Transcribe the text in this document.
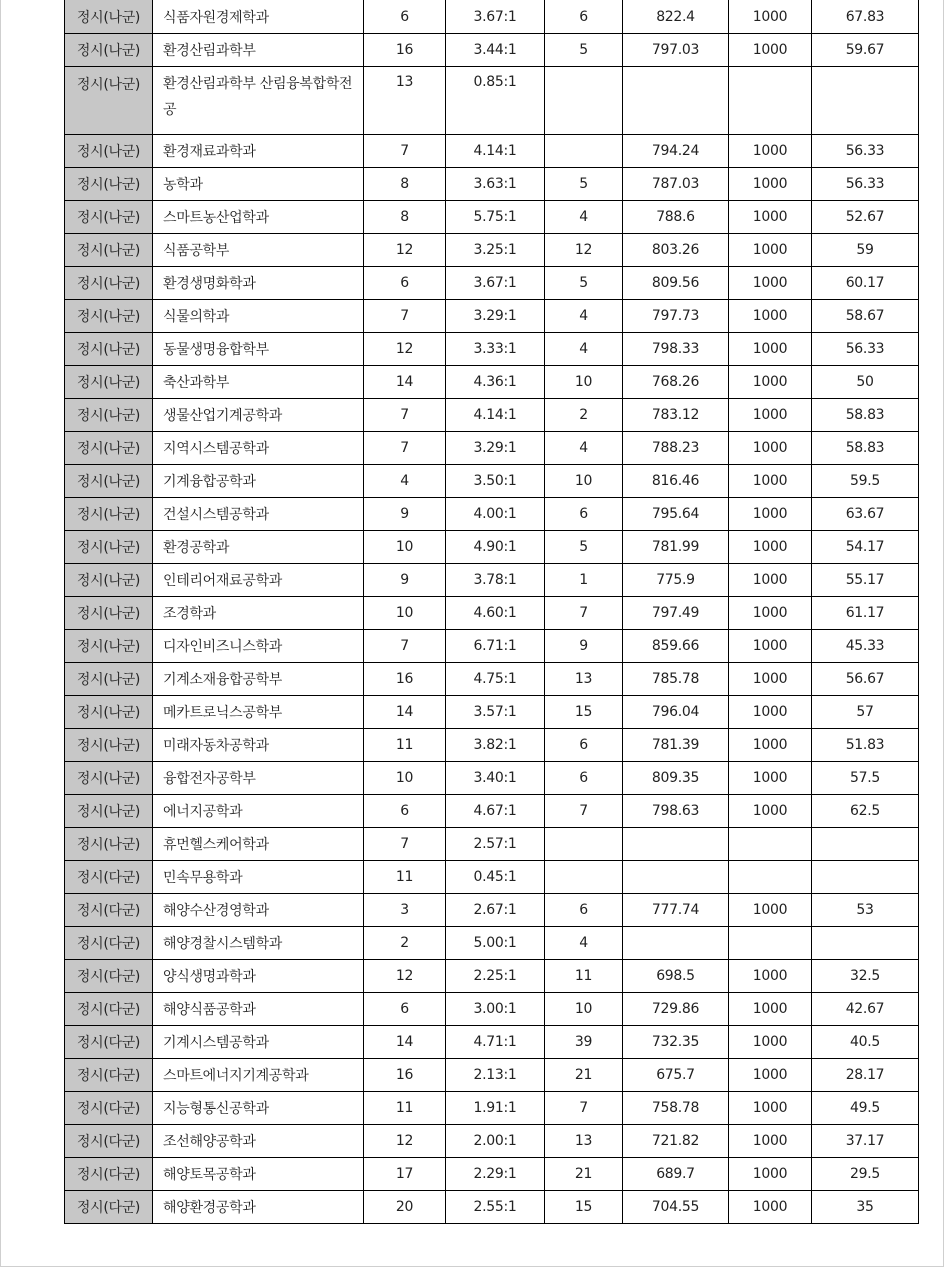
정시(나군)	식품자원경제학과	6	3.67:1	6	822.4	1000	67.83
정시(나군)	환경산림과학부	16	3.44:1	5	797.03	1000	59.67
정시(나군)	환경산림과학부 산림융복합학전공	13	0.85:1				
정시(나군)	환경재료과학과	7	4.14:1		794.24	1000	56.33
정시(나군)	농학과	8	3.63:1	5	787.03	1000	56.33
정시(나군)	스마트농산업학과	8	5.75:1	4	788.6	1000	52.67
정시(나군)	식품공학부	12	3.25:1	12	803.26	1000	59
정시(나군)	환경생명화학과	6	3.67:1	5	809.56	1000	60.17
정시(나군)	식물의학과	7	3.29:1	4	797.73	1000	58.67
정시(나군)	동물생명융합학부	12	3.33:1	4	798.33	1000	56.33
정시(나군)	축산과학부	14	4.36:1	10	768.26	1000	50
정시(나군)	생물산업기계공학과	7	4.14:1	2	783.12	1000	58.83
정시(나군)	지역시스템공학과	7	3.29:1	4	788.23	1000	58.83
정시(나군)	기계융합공학과	4	3.50:1	10	816.46	1000	59.5
정시(나군)	건설시스템공학과	9	4.00:1	6	795.64	1000	63.67
정시(나군)	환경공학과	10	4.90:1	5	781.99	1000	54.17
정시(나군)	인테리어재료공학과	9	3.78:1	1	775.9	1000	55.17
정시(나군)	조경학과	10	4.60:1	7	797.49	1000	61.17
정시(나군)	디자인비즈니스학과	7	6.71:1	9	859.66	1000	45.33
정시(나군)	기계소재융합공학부	16	4.75:1	13	785.78	1000	56.67
정시(나군)	메카트로닉스공학부	14	3.57:1	15	796.04	1000	57
정시(나군)	미래자동차공학과	11	3.82:1	6	781.39	1000	51.83
정시(나군)	융합전자공학부	10	3.40:1	6	809.35	1000	57.5
정시(나군)	에너지공학과	6	4.67:1	7	798.63	1000	62.5
정시(나군)	휴먼헬스케어학과	7	2.57:1				
정시(다군)	민속무용학과	11	0.45:1				
정시(다군)	해양수산경영학과	3	2.67:1	6	777.74	1000	53
정시(다군)	해양경찰시스템학과	2	5.00:1	4			
정시(다군)	양식생명과학과	12	2.25:1	11	698.5	1000	32.5
정시(다군)	해양식품공학과	6	3.00:1	10	729.86	1000	42.67
정시(다군)	기계시스템공학과	14	4.71:1	39	732.35	1000	40.5
정시(다군)	스마트에너지기계공학과	16	2.13:1	21	675.7	1000	28.17
정시(다군)	지능형통신공학과	11	1.91:1	7	758.78	1000	49.5
정시(다군)	조선해양공학과	12	2.00:1	13	721.82	1000	37.17
정시(다군)	해양토목공학과	17	2.29:1	21	689.7	1000	29.5
정시(다군)	해양환경공학과	20	2.55:1	15	704.55	1000	35
